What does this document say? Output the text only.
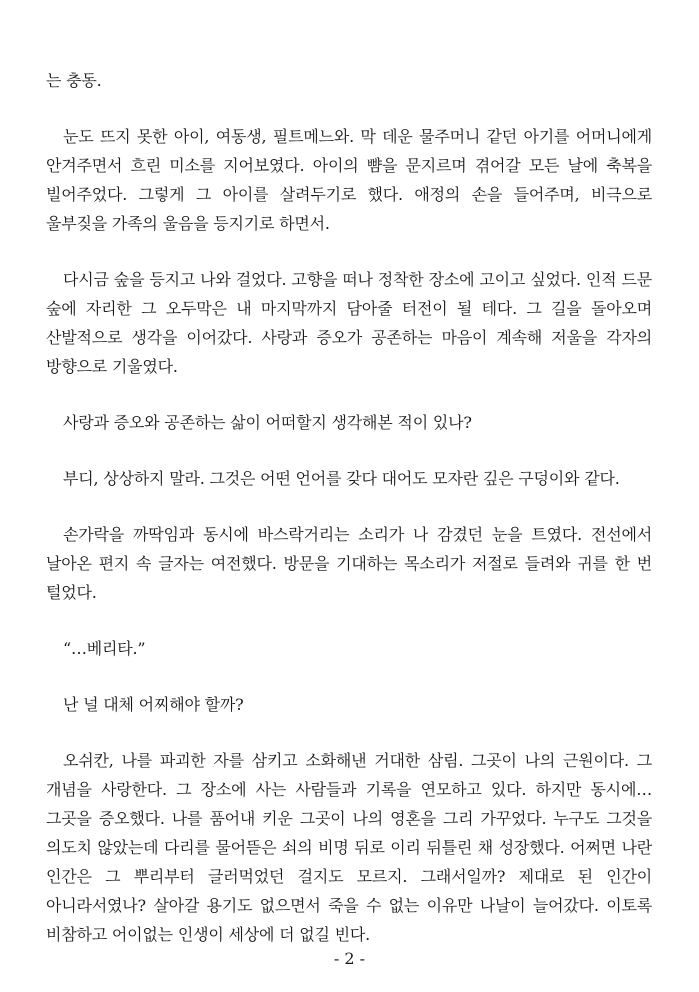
는 충동.

눈도 뜨지 못한 아이, 여동생, 필트메느와. 막 데운 물주머니 같던 아기를 어머니에게 안겨주면서 흐린 미소를 지어보였다. 아이의 뺨을 문지르며 겪어갈 모든 날에 축복을 빌어주었다. 그렇게 그 아이를 살려두기로 했다. 애정의 손을 들어주며, 비극으로 울부짖을 가족의 울음을 등지기로 하면서.

다시금 숲을 등지고 나와 걸었다. 고향을 떠나 정착한 장소에 고이고 싶었다. 인적 드문 숲에 자리한 그 오두막은 내 마지막까지 담아줄 터전이 될 테다. 그 길을 돌아오며 산발적으로 생각을 이어갔다. 사랑과 증오가 공존하는 마음이 계속해 저울을 각자의 방향으로 기울였다.

사랑과 증오와 공존하는 삶이 어떠할지 생각해본 적이 있나?

부디, 상상하지 말라. 그것은 어떤 언어를 갖다 대어도 모자란 깊은 구덩이와 같다.

손가락을 까딱임과 동시에 바스락거리는 소리가 나 감겼던 눈을 트였다. 전선에서 날아온 편지 속 글자는 여전했다. 방문을 기대하는 목소리가 저절로 들려와 귀를 한 번 털었다.

“…베리타.”

난 널 대체 어찌해야 할까?

오쉬칸, 나를 파괴한 자를 삼키고 소화해낸 거대한 삼림. 그곳이 나의 근원이다. 그 개념을 사랑한다. 그 장소에 사는 사람들과 기록을 연모하고 있다. 하지만 동시에… 그곳을 증오했다. 나를 품어내 키운 그곳이 나의 영혼을 그리 가꾸었다. 누구도 그것을 의도치 않았는데 다리를 물어뜯은 쇠의 비명 뒤로 이리 뒤틀린 채 성장했다. 어쩌면 나란 인간은 그 뿌리부터 글러먹었던 걸지도 모르지. 그래서일까? 제대로 된 인간이 아니라서였나? 살아갈 용기도 없으면서 죽을 수 없는 이유만 나날이 늘어갔다. 이토록 비참하고 어이없는 인생이 세상에 더 없길 빈다.

- 2 -
